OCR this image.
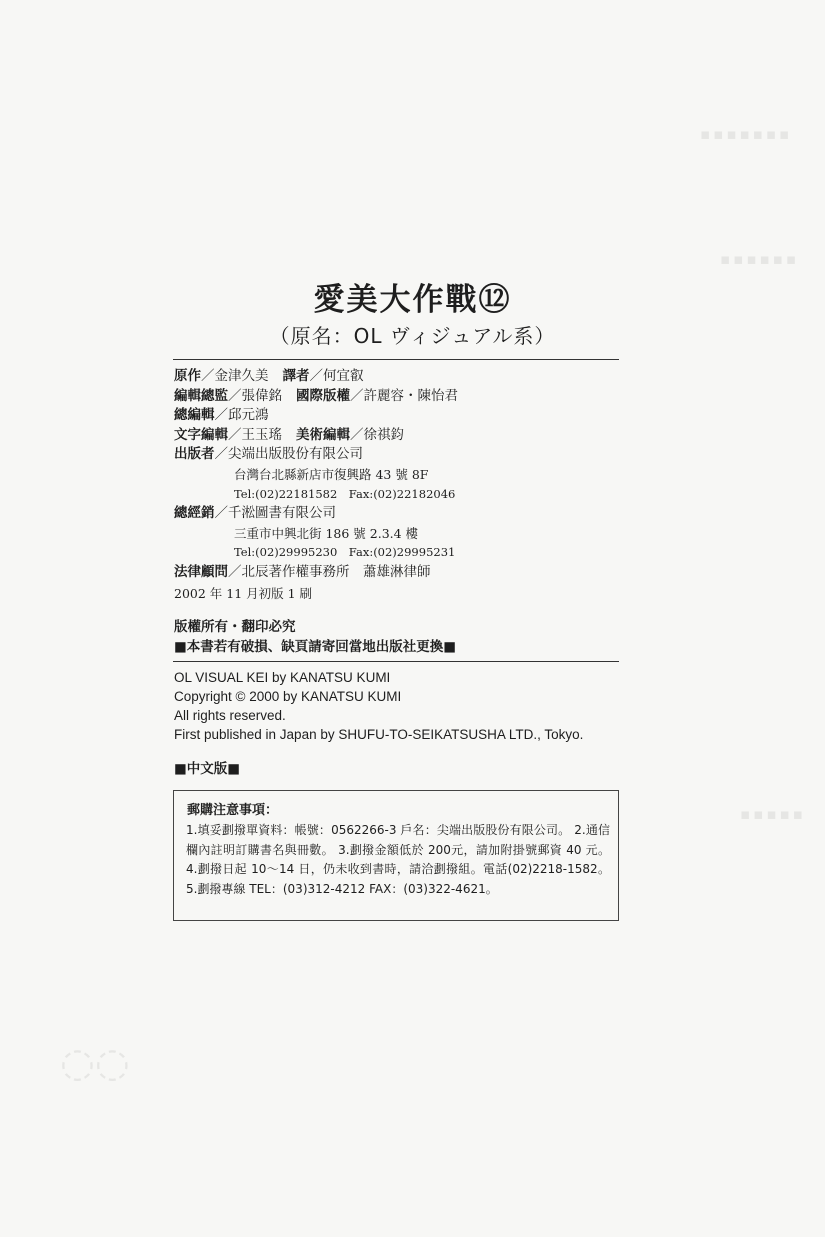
愛美大作戰⑫
（原名：OL ヴィジュアル系）
原作／金津久美 譯者／何宜叡
編輯總監／張偉銘 國際版權／許麗容・陳怡君
總編輯／邱元鴻
文字編輯／王玉瑤 美術編輯／徐祺鈞
出版者／尖端出版股份有限公司
台灣台北縣新店市復興路 43 號 8F
Tel:(02)22181582　Fax:(02)22182046
總經銷／千淞圖書有限公司
三重市中興北街 186 號 2.3.4 樓
Tel:(02)29995230　Fax:(02)29995231
法律顧問／北辰著作權事務所　蕭雄淋律師
2002 年 11 月初版 1 刷
版權所有・翻印必究
■本書若有破損、缺頁請寄回當地出版社更換■
OL VISUAL KEI by KANATSU KUMI
Copyright © 2000 by KANATSU KUMI
All rights reserved.
First published in Japan by SHUFU-TO-SEIKATSUSHA LTD., Tokyo.
■中文版■
郵購注意事項：
1.填妥劃撥單資料：帳號：0562266-3 戶名：尖端出版股份有限公司。 2.通信欄內註明訂購書名與冊數。 3.劃撥金額低於 200元，請加附掛號郵資 40 元。 4.劃撥日起 10～14 日，仍未收到書時，請洽劃撥組。電話(02)2218-1582。 5.劃撥專線 TEL：(03)312-4212 FAX：(03)322-4621。
▪▪▪▪▪▪▪
▪▪▪▪▪▪
▪▪▪▪▪
◌◌
